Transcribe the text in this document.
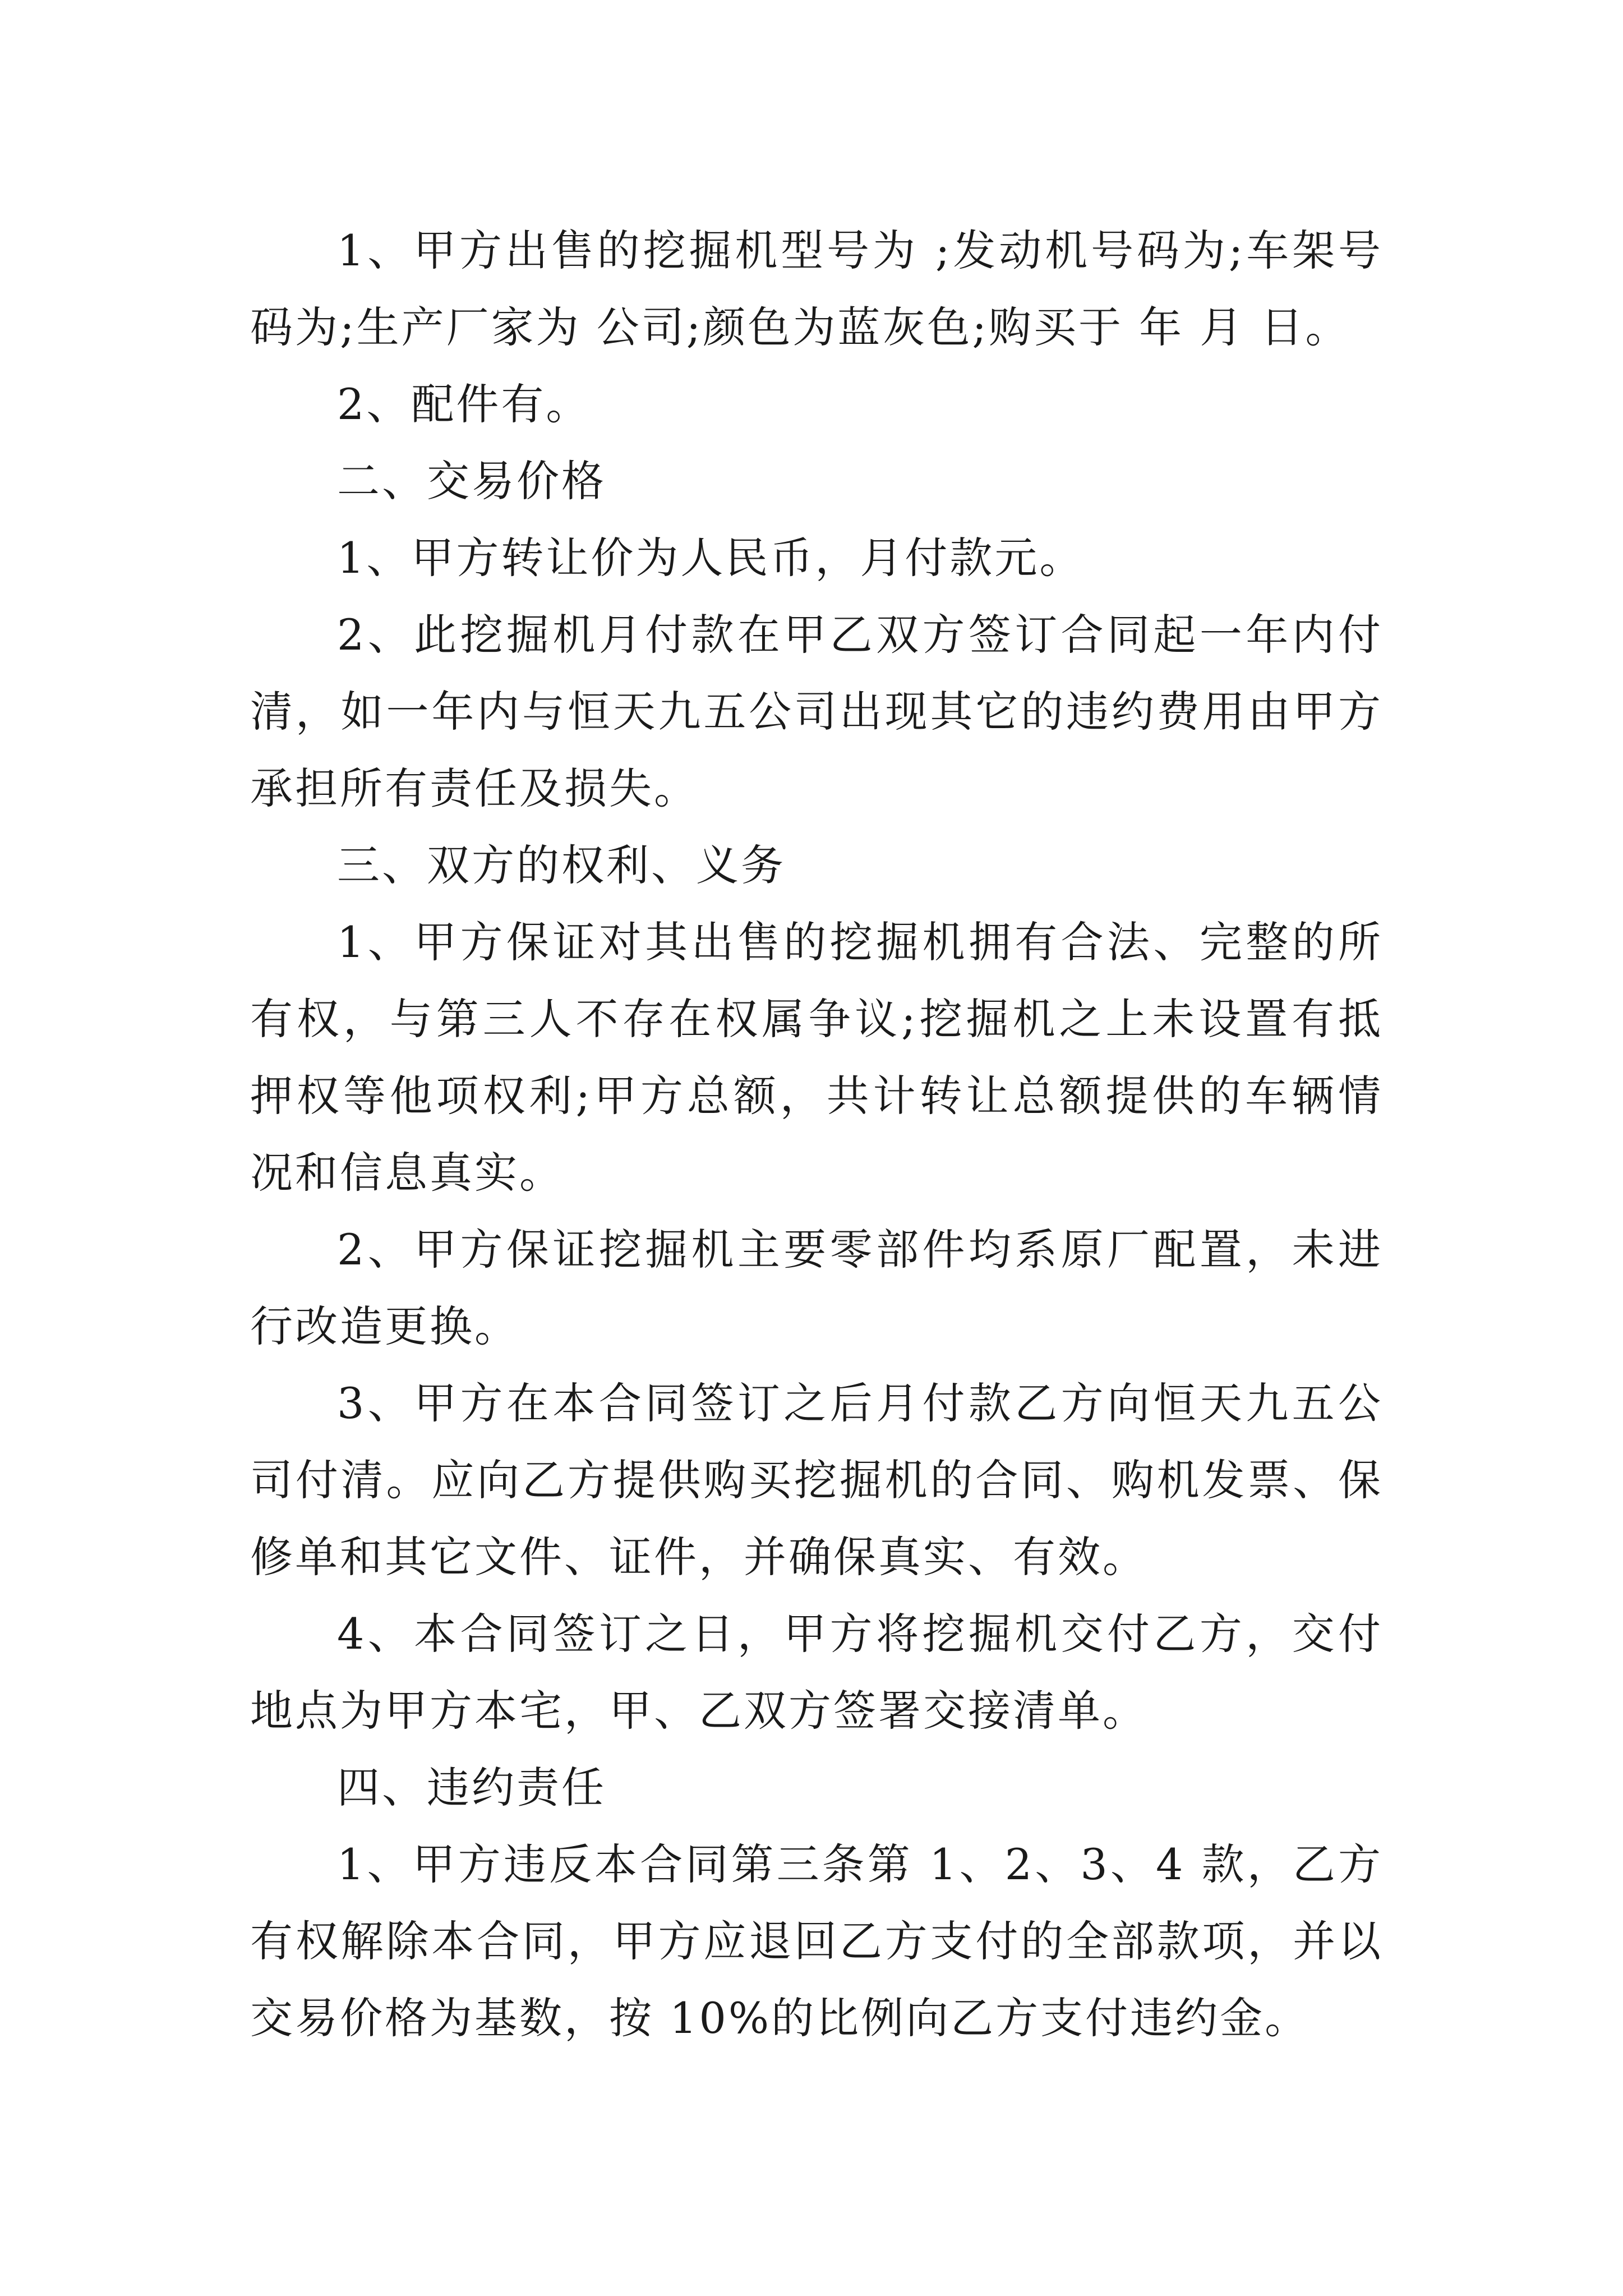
1、甲方出售的挖掘机型号为 ;发动机号码为;车架号码为;生产厂家为 公司;颜色为蓝灰色;购买于 年 月 日。

2、配件有。

二、交易价格

1、甲方转让价为人民币，月付款元。

2、此挖掘机月付款在甲乙双方签订合同起一年内付清，如一年内与恒天九五公司出现其它的违约费用由甲方承担所有责任及损失。

三、双方的权利、义务

1、甲方保证对其出售的挖掘机拥有合法、完整的所有权，与第三人不存在权属争议;挖掘机之上未设置有抵押权等他项权利;甲方总额，共计转让总额提供的车辆情况和信息真实。

2、甲方保证挖掘机主要零部件均系原厂配置，未进行改造更换。

3、甲方在本合同签订之后月付款乙方向恒天九五公司付清。应向乙方提供购买挖掘机的合同、购机发票、保修单和其它文件、证件，并确保真实、有效。

4、本合同签订之日，甲方将挖掘机交付乙方，交付地点为甲方本宅，甲、乙双方签署交接清单。

四、违约责任

1、甲方违反本合同第三条第 1、2、3、4 款，乙方有权解除本合同，甲方应退回乙方支付的全部款项，并以交易价格为基数，按 10%的比例向乙方支付违约金。
